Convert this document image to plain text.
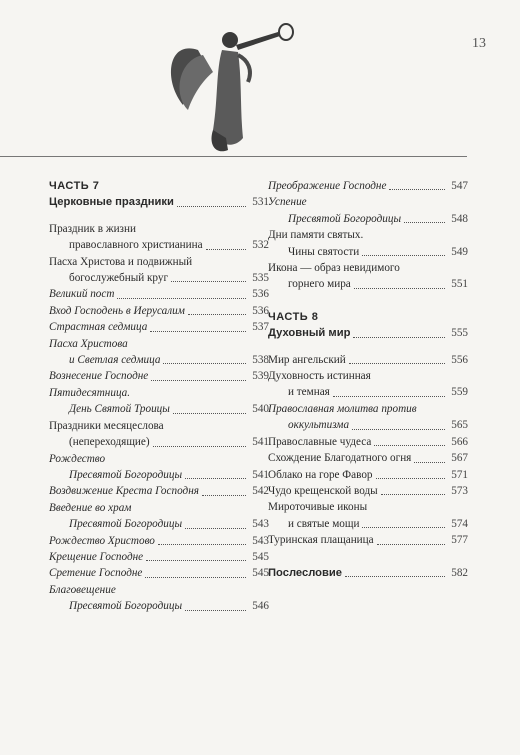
13
ЧАСТЬ 7
Церковные праздники	531
Праздник в жизни
православного христианина	532
Пасха Христова и подвижный
богослужебный круг	535
Великий пост	536
Вход Господень в Иерусалим	536
Страстная седмица	537
Пасха Христова
и Светлая седмица	538
Вознесение Господне	539
Пятидесятница.
День Святой Троицы	540
Праздники месяцеслова
(непереходящие)	541
Рождество
Пресвятой Богородицы	541
Воздвижение Креста Господня	542
Введение во храм
Пресвятой Богородицы	543
Рождество Христово	543
Крещение Господне	545
Сретение Господне	545
Благовещение
Пресвятой Богородицы	546
Преображение Господне	547
Успение
Пресвятой Богородицы	548
Дни памяти святых.
Чины святости	549
Икона — образ невидимого
горнего мира	551
ЧАСТЬ 8
Духовный мир	555
Мир ангельский	556
Духовность истинная
и темная	559
Православная молитва против
оккультизма	565
Православные чудеса	566
Схождение Благодатного огня	567
Облако на горе Фавор	571
Чудо крещенской воды	573
Мироточивые иконы
и святые мощи	574
Туринская плащаница	577
Послесловие	582
